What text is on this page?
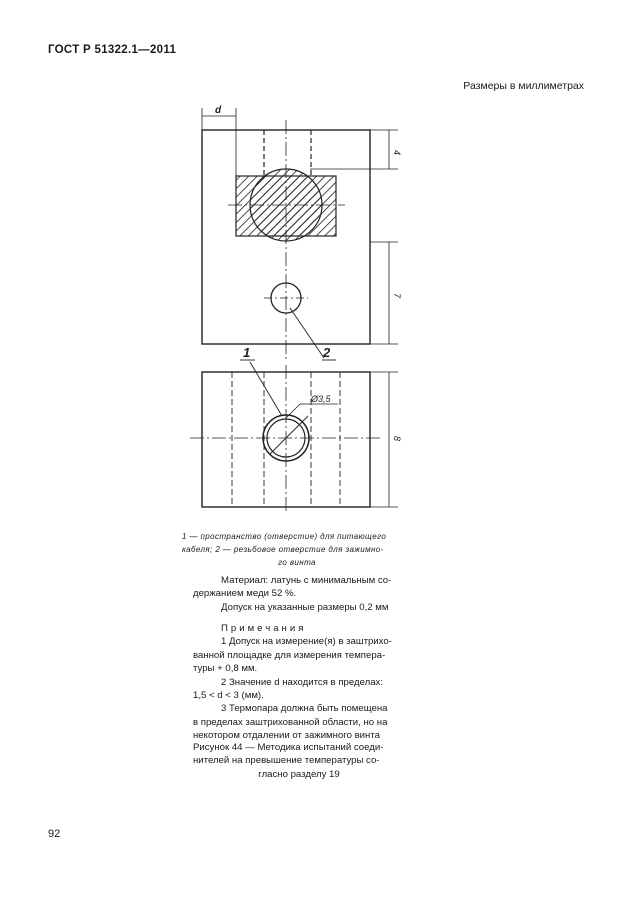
ГОСТ Р 51322.1—2011
Размеры в миллиметрах
d
4
7
8
Ø3,5
1	2
1 — пространство (отверстие) для питающего
кабеля; 2 — резьбовое отверстие для зажимно-

го винта

Материал: латунь с минимальным со-

держанием меди 52 %.

Допуск на указанные размеры 0,2 мм

Примечания

1 Допуск на измерение(я) в заштрихо-

ванной площадке для измерения темпера-

туры + 0,8 мм.

2 Значение d находится в пределах:

1,5 < d < 3 (мм).

3 Термопара должна быть помещена

в пределах заштрихованной области, но на

некотором отдалении от зажимного винта

Рисунок 44 — Методика испытаний соеди-
нителей на превышение температуры со-

гласно разделу 19
92
